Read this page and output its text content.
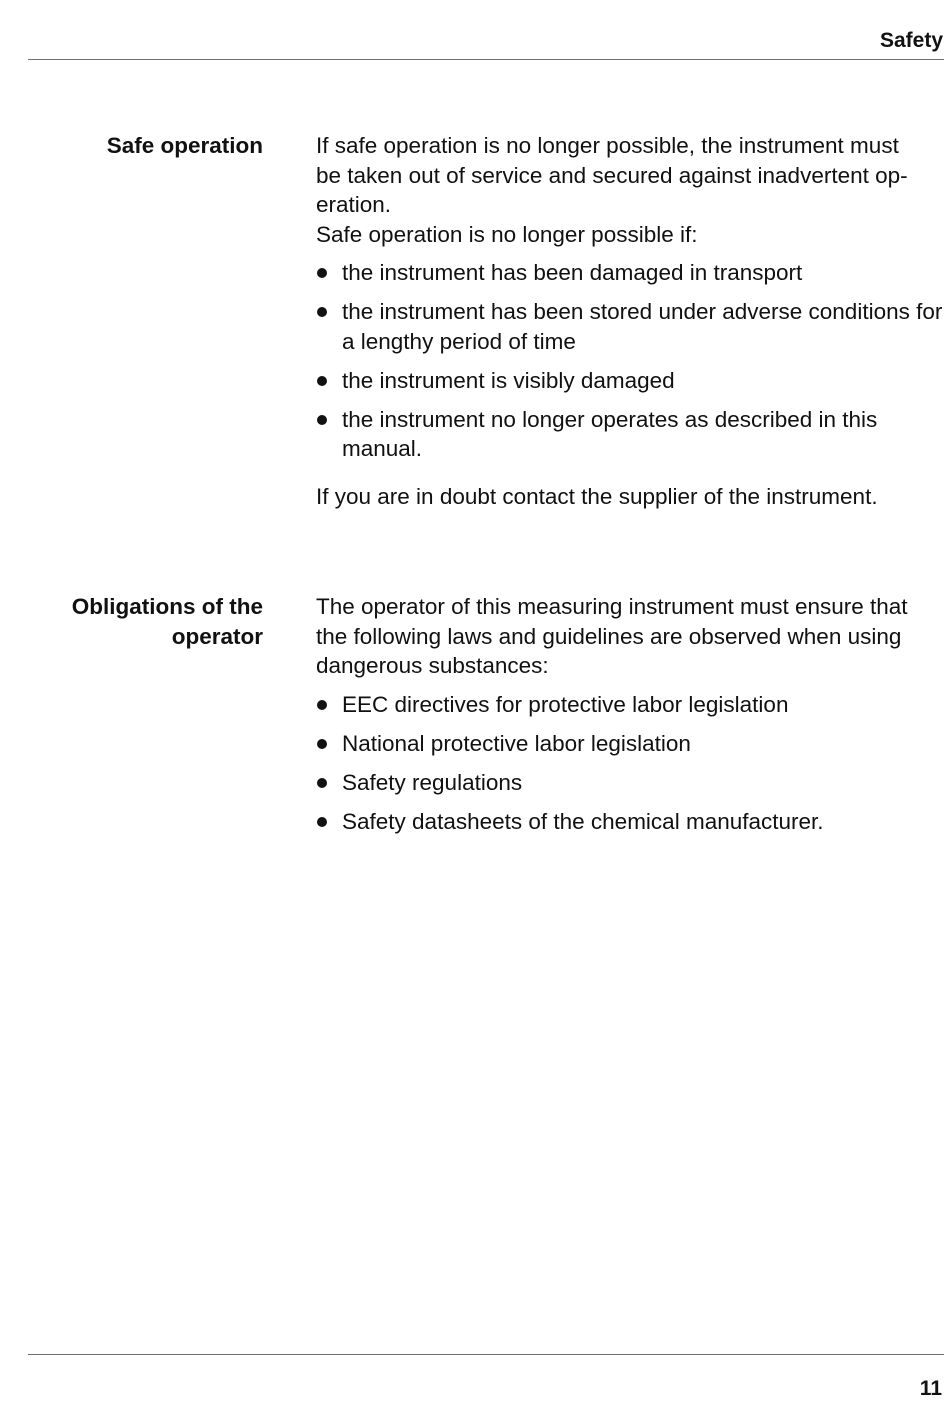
Safety
Safe operation If safe operation is no longer possible, the instrument must
be taken out of service and secured against inadvertent op-
eration.
Safe operation is no longer possible if:

the instrument has been damaged in transport
the instrument has been stored under adverse conditions for a lengthy period of time
the instrument is visibly damaged
the instrument no longer operates as described in this manual.

If you are in doubt contact the supplier of the instrument.

Obligations of the
operator

The operator of this measuring instrument must ensure that the following laws and guidelines are observed when using dangerous substances:

EEC directives for protective labor legislation
National protective labor legislation
Safety regulations
Safety datasheets of the chemical manufacturer.
11
